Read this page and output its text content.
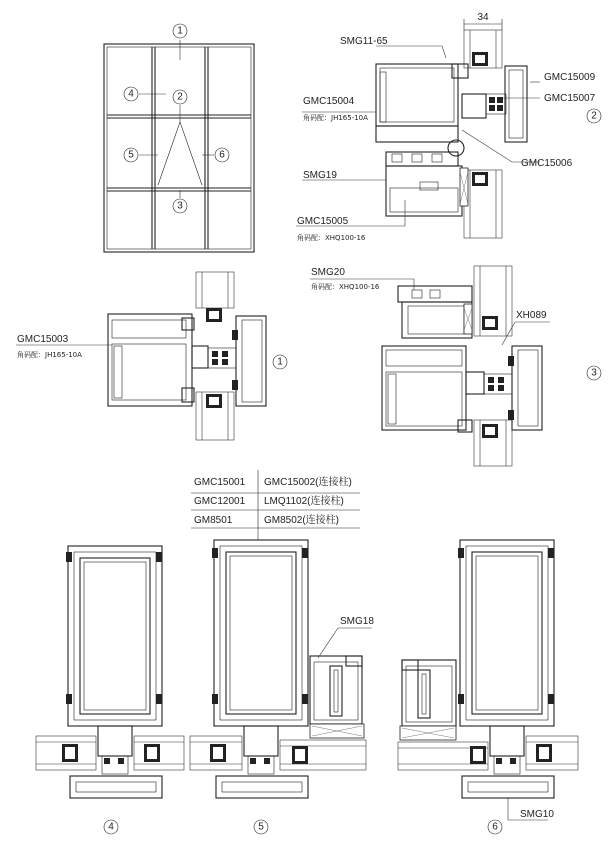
1
4	2
5	6
3
34
SMG11-65
GMC15009
GMC15007
GMC15004
角码配：JH165-10A
GMC15006
SMG19
GMC15005
角码配：XHQ100-16
2
GMC15003
角码配：JH165-10A
1
SMG20
角码配：XHQ100-16
XH089
3
GMC15001 GMC15002(连接柱)
GMC12001 LMQ1102(连接柱)
GM8501	GM8502(连接柱)
4
SMG18
5
SMG10
6
